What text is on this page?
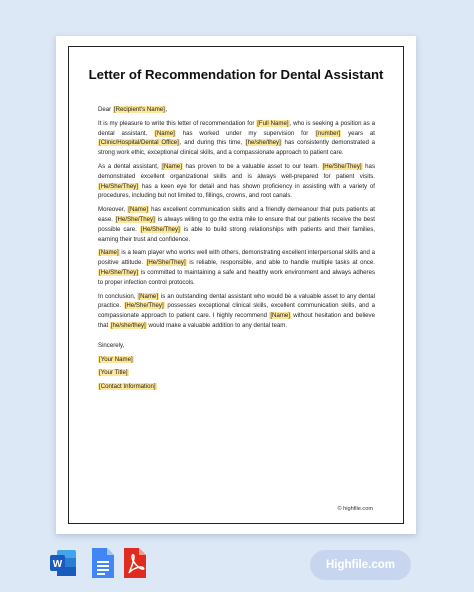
Letter of Recommendation for Dental Assistant

Dear [Recipient's Name],

It is my pleasure to write this letter of recommendation for [Full Name], who is seeking a position as a dental assistant. [Name] has worked under my supervision for [number] years at [Clinic/Hospital/Dental Office], and during this time, [he/she/they] has consistently demonstrated a strong work ethic, exceptional clinical skills, and a compassionate approach to patient care.

As a dental assistant, [Name] has proven to be a valuable asset to our team. [He/She/They] has demonstrated excellent organizational skills and is always well-prepared for patient visits. [He/She/They] has a keen eye for detail and has shown proficiency in assisting with a variety of procedures, including but not limited to, fillings, crowns, and root canals.

Moreover, [Name] has excellent communication skills and a friendly demeanour that puts patients at ease. [He/She/They] is always willing to go the extra mile to ensure that our patients receive the best possible care. [He/She/They] is able to build strong relationships with patients and their families, earning their trust and confidence.

[Name] is a team player who works well with others, demonstrating excellent interpersonal skills and a positive attitude. [He/She/They] is reliable, responsible, and able to handle multiple tasks at once. [He/She/They] is committed to maintaining a safe and healthy work environment and always adheres to proper infection control protocols.

In conclusion, [Name] is an outstanding dental assistant who would be a valuable asset to any dental practice. [He/She/They] possesses exceptional clinical skills, excellent communication skills, and a compassionate approach to patient care. I highly recommend [Name] without hesitation and believe that [he/she/they] would make a valuable addition to any dental team.

Sincerely,
[Your Name]
[Your Title]
[Contact Information]
© highfile.com
W	Highfile.com
